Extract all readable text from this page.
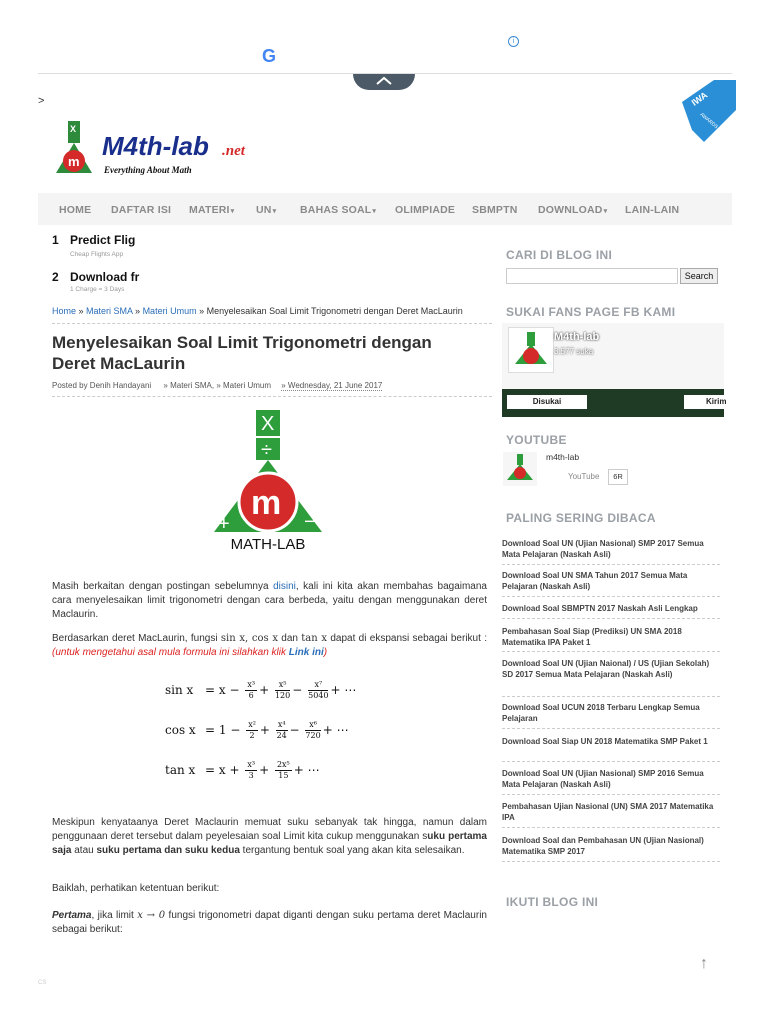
G
i
>	IWA
AWARDS
X
m
M4th-lab .net
Everything About Math
HOME DAFTAR ISI MATERI▾ UN▾ BAHAS SOAL▾ OLIMPIADE SBMPTN DOWNLOAD▾ LAIN-LAIN
1 Predict Flig
Cheap Flights App
2 Download fr
1 Charge = 3 Days
Home » Materi SMA » Materi Umum » Menyelesaikan Soal Limit Trigonometri dengan Deret MacLaurin
Menyelesaikan Soal Limit Trigonometri dengan Deret MacLaurin
Posted by Denih Handayani » Materi SMA, » Materi Umum » Wednesday, 21 June 2017
X
÷
m
+	−
MATH-LAB
Masih berkaitan dengan postingan sebelumnya disini, kali ini kita akan membahas bagaimana cara menyelesaikan limit trigonometri dengan cara berbeda, yaitu dengan menggunakan deret Maclaurin.
Berdasarkan deret MacLaurin, fungsi sin x, cos x dan tan x dapat di ekspansi sebagai berikut : (untuk mengetahui asal mula formula ini silahkan klik Link ini)
$\sin x = x - \frac{\text{x³}}{6} + \frac{\text{x⁵}}{120} - \frac{\text{x⁷}}{5040}$ + ⋯
$\cos x = 1 - \frac{\text{x²}}{2} + \frac{\text{x⁴}}{24} - \frac{\text{x⁶}}{720}$ + ⋯
$\tan x = x + \frac{\text{x³}}{3} + \frac{\text{2x⁵}}{15}$ + ⋯
Meskipun kenyataanya Deret Maclaurin memuat suku sebanyak tak hingga, namun dalam penggunaan deret tersebut dalam peyelesaian soal Limit kita cukup menggunakan suku pertama saja atau suku pertama dan suku kedua tergantung bentuk soal yang akan kita selesaikan.
Baiklah, perhatikan ketentuan berikut:
Pertama, jika limit x → 0 fungsi trigonometri dapat diganti dengan suku pertama deret Maclaurin sebagai berikut:
CARI DI BLOG INI
Search
SUKAI FANS PAGE FB KAMI
M4th-lab
3.577 suka
Disukai	Kirim
YOUTUBE
m4th-lab
YouTube	6R
PALING SERING DIBACA
Download Soal UN (Ujian Nasional) SMP 2017 Semua Mata Pelajaran (Naskah Asli)
Download Soal UN SMA Tahun 2017 Semua Mata Pelajaran (Naskah Asli)
Download Soal SBMPTN 2017 Naskah Asli Lengkap
Pembahasan Soal Siap (Prediksi) UN SMA 2018 Matematika IPA Paket 1
Download Soal UN (Ujian Naional) / US (Ujian Sekolah) SD 2017 Semua Mata Pelajaran (Naskah Asli)
Download Soal UCUN 2018 Terbaru Lengkap Semua Pelajaran
Download Soal Siap UN 2018 Matematika SMP Paket 1
Download Soal UN (Ujian Nasional) SMP 2016 Semua Mata Pelajaran (Naskah Asli)
Pembahasan Ujian Nasional (UN) SMA 2017 Matematika IPA
Download Soal dan Pembahasan UN (Ujian Nasional) Matematika SMP 2017
IKUTI BLOG INI
↑
CS
